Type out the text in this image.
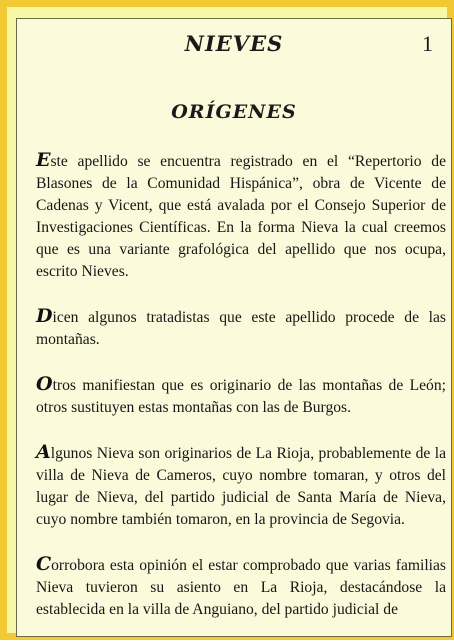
NIEVES	1
ORÍGENES

Este apellido se encuentra registrado en el “Repertorio de Blasones de la Comunidad Hispánica”, obra de Vicente de Cadenas y Vicent, que está avalada por el Consejo Superior de Investigaciones Científicas. En la forma Nieva la cual creemos que es una variante grafológica del apellido que nos ocupa, escrito Nieves.

Dicen algunos tratadistas que este apellido procede de las montañas.

Otros manifiestan que es originario de las montañas de León; otros sustituyen estas montañas con las de Burgos.

Algunos Nieva son originarios de La Rioja, probablemente de la villa de Nieva de Cameros, cuyo nombre tomaran, y otros del lugar de Nieva, del partido judicial de Santa María de Nieva, cuyo nombre también tomaron, en la provincia de Segovia.

Corrobora esta opinión el estar comprobado que varias familias Nieva tuvieron su asiento en La Rioja, destacándose la establecida en la villa de Anguiano, del partido judicial de
